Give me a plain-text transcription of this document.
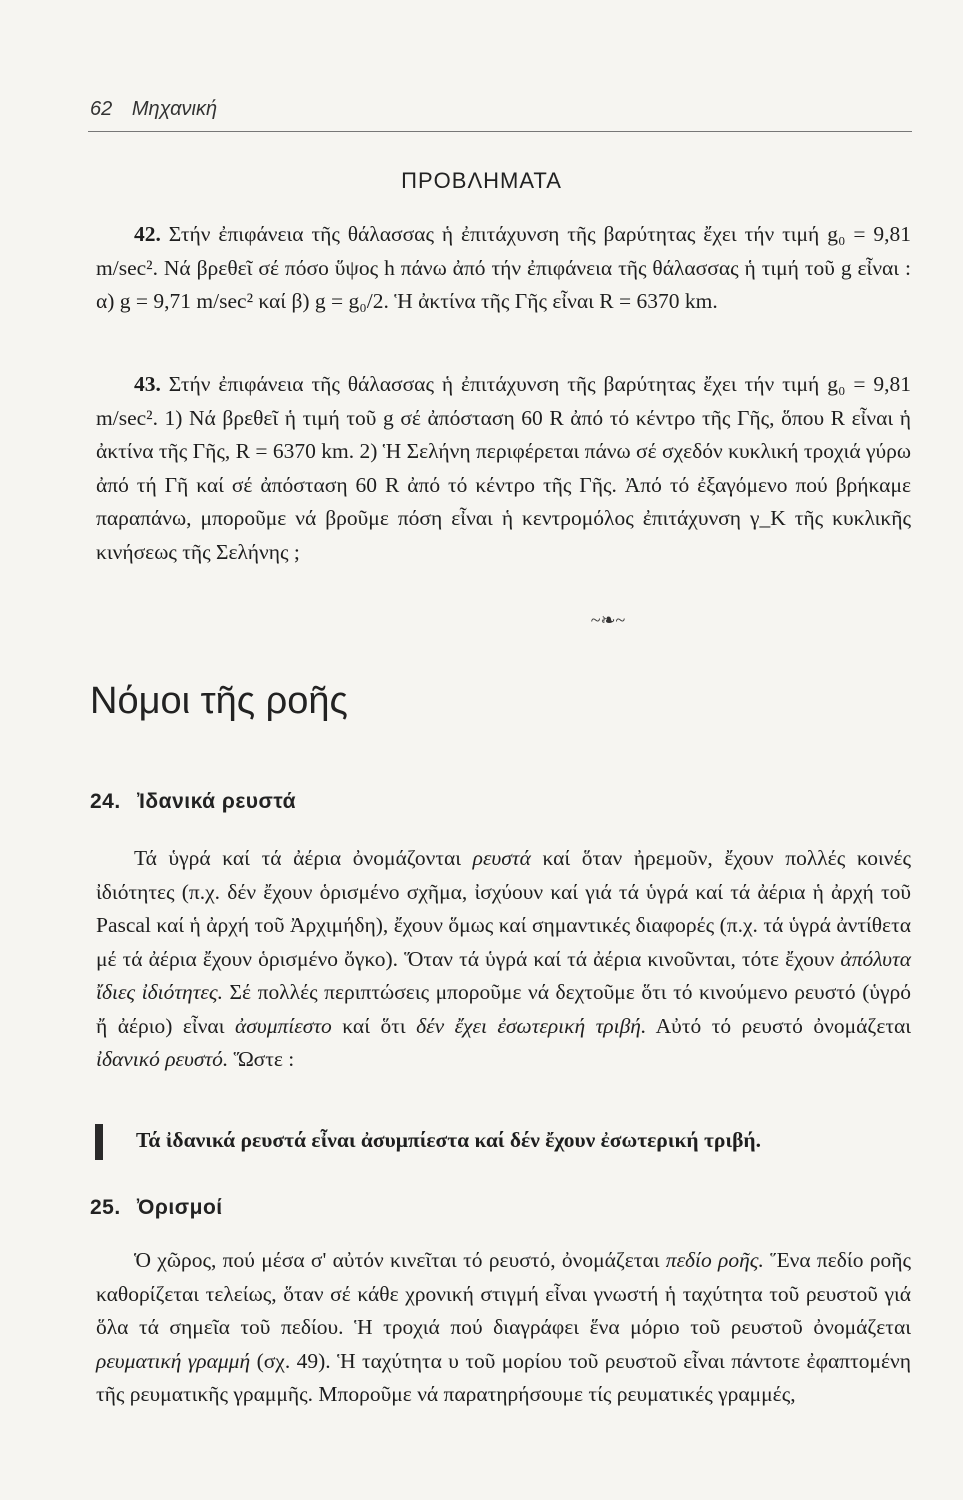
62 Μηχανική
ΠΡΟΒΛΗΜΑΤΑ
42. Στήν ἐπιφάνεια τῆς θάλασσας ἡ ἐπιτάχυνση τῆς βαρύτητας ἔχει τήν τιμή g₀ = 9,81 m/sec². Νά βρεθεῖ σέ πόσο ὕψος h πάνω ἀπό τήν ἐπιφάνεια τῆς θάλασσας ἡ τιμή τοῦ g εἶναι : α) g = 9,71 m/sec² καί β) g = g₀/2. Ἡ ἀκτίνα τῆς Γῆς εἶναι R = 6370 km.
43. Στήν ἐπιφάνεια τῆς θάλασσας ἡ ἐπιτάχυνση τῆς βαρύτητας ἔχει τήν τιμή g₀ = 9,81 m/sec². 1) Νά βρεθεῖ ἡ τιμή τοῦ g σέ ἀπόσταση 60 R ἀπό τό κέντρο τῆς Γῆς, ὅπου R εἶναι ἡ ἀκτίνα τῆς Γῆς, R = 6370 km. 2) Ἡ Σελήνη περιφέρεται πάνω σέ σχεδόν κυκλική τροχιά γύρω ἀπό τή Γῆ καί σέ ἀπόσταση 60 R ἀπό τό κέντρο τῆς Γῆς. Ἀπό τό ἐξαγόμενο πού βρήκαμε παραπάνω, μποροῦμε νά βροῦμε πόση εἶναι ἡ κεντρομόλος ἐπιτάχυνση γ_K τῆς κυκλικῆς κινήσεως τῆς Σελήνης ;
~❧~
Νόμοι τῆς ροῆς
24. Ἰδανικά ρευστά
Τά ὑγρά καί τά ἀέρια ὀνομάζονται ρευστά καί ὅταν ἠρεμοῦν, ἔχουν πολλές κοινές ἰδιότητες (π.χ. δέν ἔχουν ὁρισμένο σχῆμα, ἰσχύουν καί γιά τά ὑγρά καί τά ἀέρια ἡ ἀρχή τοῦ Pascal καί ἡ ἀρχή τοῦ Ἀρχιμήδη), ἔχουν ὅμως καί σημαντικές διαφορές (π.χ. τά ὑγρά ἀντίθετα μέ τά ἀέρια ἔχουν ὁρισμένο ὄγκο). Ὅταν τά ὑγρά καί τά ἀέρια κινοῦνται, τότε ἔχουν ἀπόλυτα ἴδιες ἰδιότητες. Σέ πολλές περιπτώσεις μποροῦμε νά δεχτοῦμε ὅτι τό κινούμενο ρευστό (ὑγρό ἤ ἀέριο) εἶναι ἀσυμπίεστο καί ὅτι δέν ἔχει ἐσωτερική τριβή. Αὐτό τό ρευστό ὀνομάζεται ἰδανικό ρευστό. Ὥστε :
Τά ἰδανικά ρευστά εἶναι ἀσυμπίεστα καί δέν ἔχουν ἐσωτερική τριβή.
25. Ὀρισμοί
Ὁ χῶρος, πού μέσα σ' αὐτόν κινεῖται τό ρευστό, ὀνομάζεται πεδίο ροῆς. Ἕνα πεδίο ροῆς καθορίζεται τελείως, ὅταν σέ κάθε χρονική στιγμή εἶναι γνωστή ἡ ταχύτητα τοῦ ρευστοῦ γιά ὅλα τά σημεῖα τοῦ πεδίου. Ἡ τροχιά πού διαγράφει ἕνα μόριο τοῦ ρευστοῦ ὀνομάζεται ρευματική γραμμή (σχ. 49). Ἡ ταχύτητα υ τοῦ μορίου τοῦ ρευστοῦ εἶναι πάντοτε ἐφαπτομένη τῆς ρευματικῆς γραμμῆς. Μποροῦμε νά παρατηρήσουμε τίς ρευματικές γραμμές,
